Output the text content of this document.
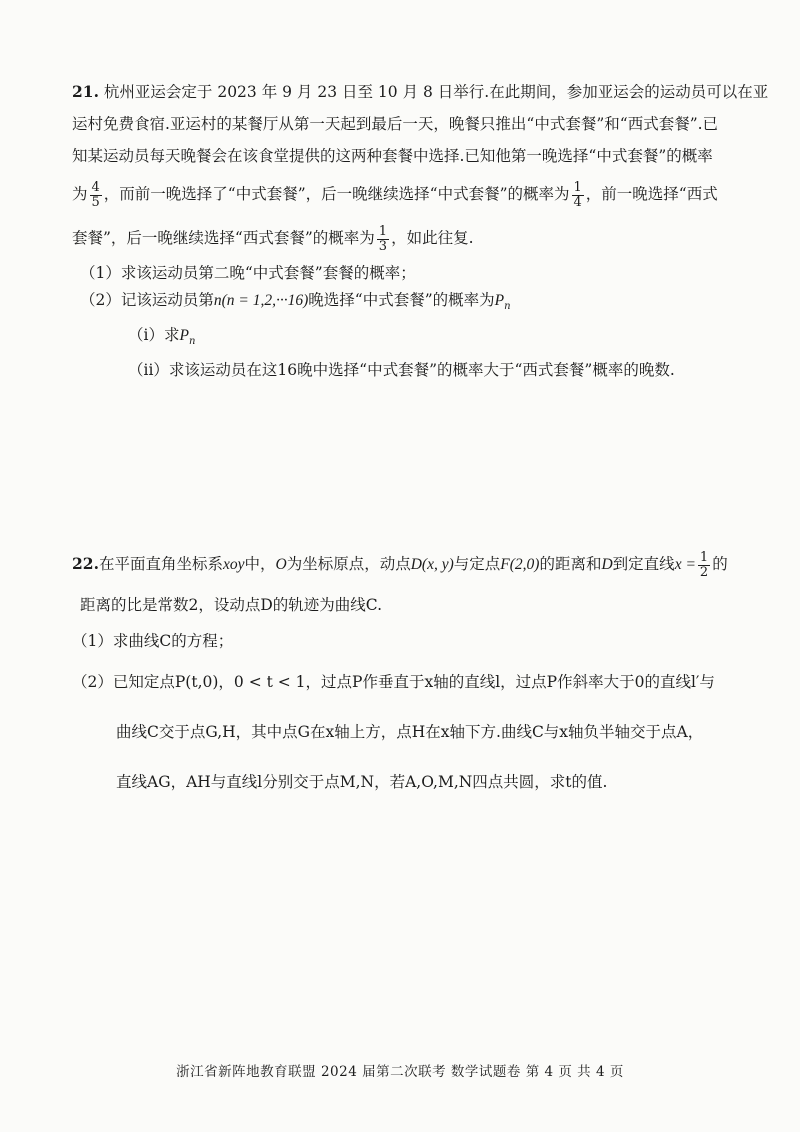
21. 杭州亚运会定于 2023 年 9 月 23 日至 10 月 8 日举行.在此期间，参加亚运会的运动员可以在亚
运村免费食宿.亚运村的某餐厅从第一天起到最后一天，晚餐只推出“中式套餐”和“西式套餐”.已
知某运动员每天晚餐会在该食堂提供的这两种套餐中选择.已知他第一晚选择“中式套餐”的概率
为 $\frac{4}{5}$ ，而前一晚选择了“中式套餐”，后一晚继续选择“中式套餐”的概率为 $\frac{1}{4}$ ，前一晚选择“西式
套餐”，后一晚继续选择“西式套餐”的概率为 $\frac{1}{3}$ ，如此往复.
（1）求该运动员第二晚“中式套餐”套餐的概率；
（2）记该运动员第n(n = 1,2,···16)晚选择“中式套餐”的概率为$P_n$
（i）求$P_n$
（ii）求该运动员在这16晚中选择“中式套餐”的概率大于“西式套餐”概率的晚数.
22.在平面直角坐标系xoy中，O为坐标原点，动点D(x, y)与定点F(2,0)的距离和D到定直线$x = \frac{1}{2}$ 的
距离的比是常数2，设动点D的轨迹为曲线C.
（1）求曲线C的方程；
（2）已知定点P(t,0)，0 < t < 1，过点P作垂直于x轴的直线l，过点P作斜率大于0的直线l′与
曲线C交于点G,H，其中点G在x轴上方，点H在x轴下方.曲线C与x轴负半轴交于点A，
直线AG，AH与直线l分别交于点M,N，若A,O,M,N四点共圆，求t的值.
浙江省新阵地教育联盟 2024 届第二次联考 数学试题卷 第 4 页 共 4 页
